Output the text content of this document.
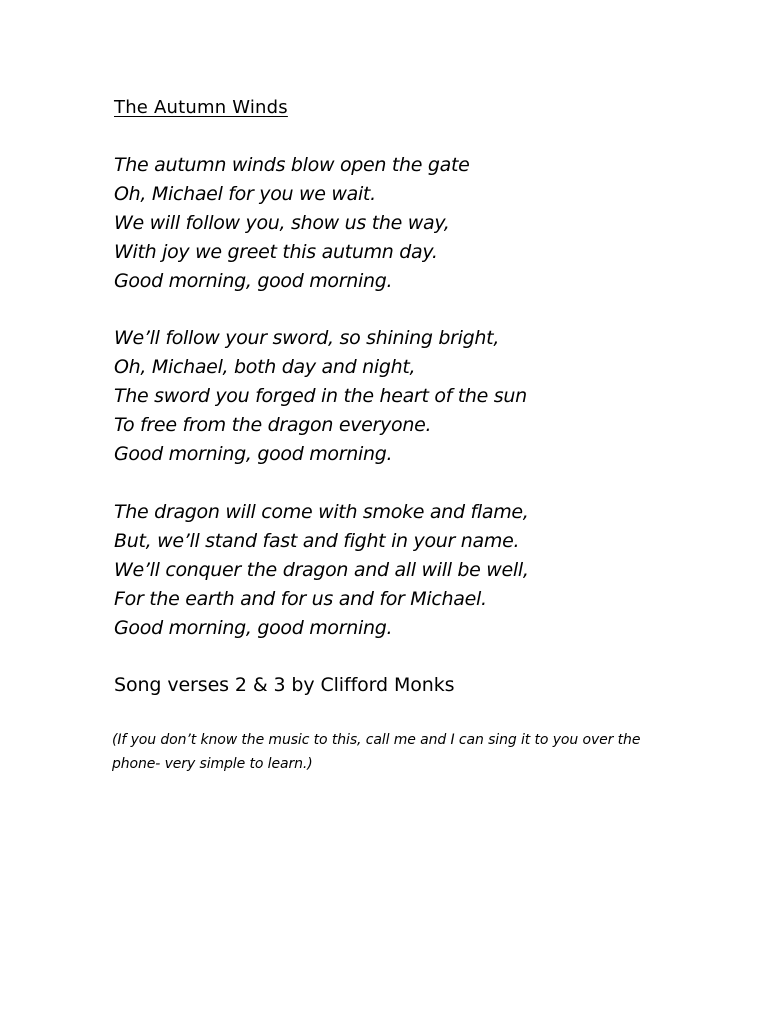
The Autumn Winds
The autumn winds blow open the gate
Oh, Michael for you we wait.
We will follow you, show us the way,
With joy we greet this autumn day.
Good morning, good morning.
We’ll follow your sword, so shining bright,
Oh, Michael, both day and night,
The sword you forged in the heart of the sun
To free from the dragon everyone.
Good morning, good morning.
The dragon will come with smoke and flame,
But, we’ll stand fast and fight in your name.
We’ll conquer the dragon and all will be well,
For the earth and for us and for Michael.
Good morning, good morning.
Song verses 2 & 3 by Clifford Monks
(If you don’t know the music to this, call me and I can sing it to you over the
phone- very simple to learn.)
